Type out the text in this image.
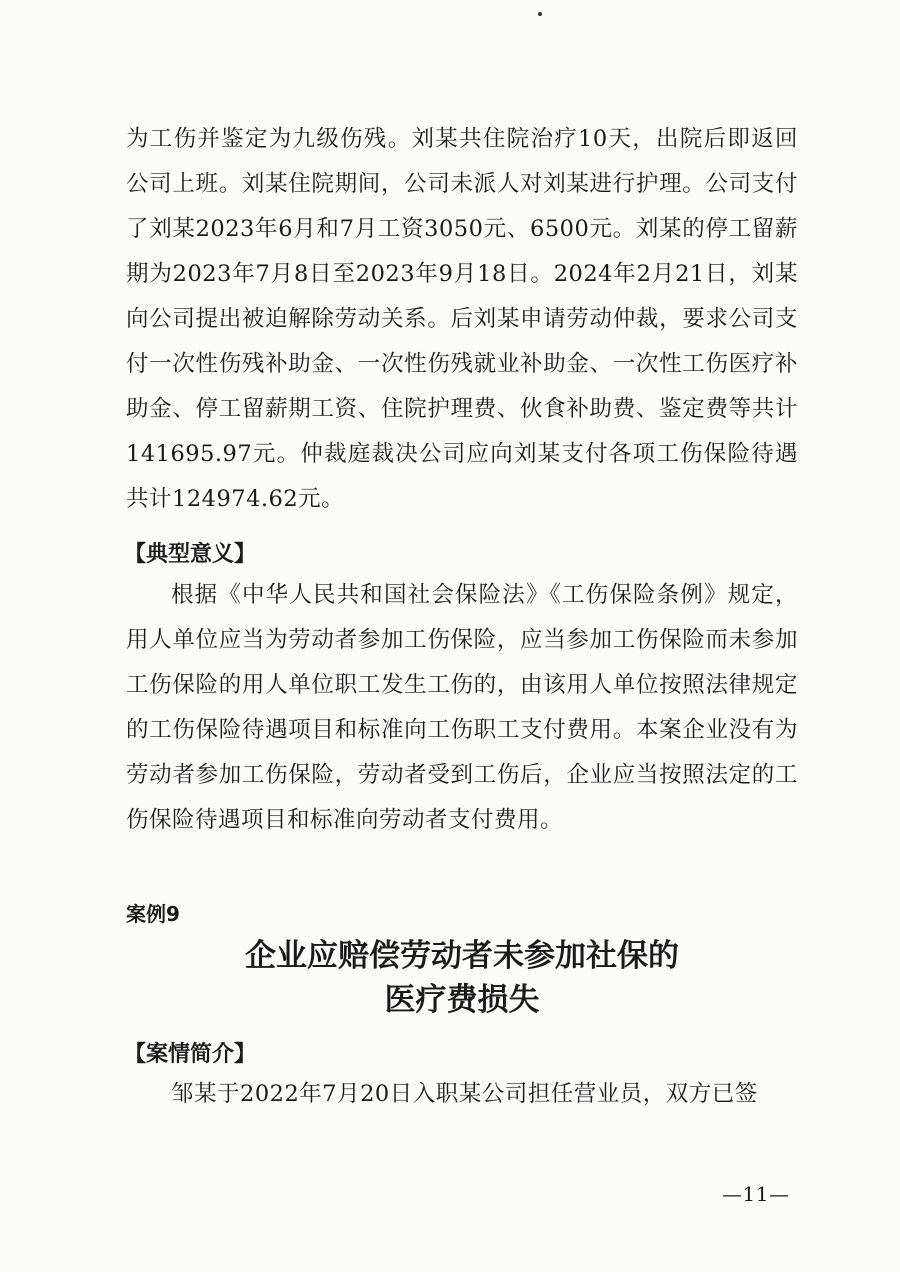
为工伤并鉴定为九级伤残。刘某共住院治疗10天，出院后即返回公司上班。刘某住院期间，公司未派人对刘某进行护理。公司支付了刘某2023年6月和7月工资3050元、6500元。刘某的停工留薪期为2023年7月8日至2023年9月18日。2024年2月21日，刘某向公司提出被迫解除劳动关系。后刘某申请劳动仲裁，要求公司支付一次性伤残补助金、一次性伤残就业补助金、一次性工伤医疗补助金、停工留薪期工资、住院护理费、伙食补助费、鉴定费等共计141695.97元。仲裁庭裁决公司应向刘某支付各项工伤保险待遇共计124974.62元。
【典型意义】
根据《中华人民共和国社会保险法》《工伤保险条例》规定，用人单位应当为劳动者参加工伤保险，应当参加工伤保险而未参加工伤保险的用人单位职工发生工伤的，由该用人单位按照法律规定的工伤保险待遇项目和标准向工伤职工支付费用。本案企业没有为劳动者参加工伤保险，劳动者受到工伤后，企业应当按照法定的工伤保险待遇项目和标准向劳动者支付费用。
案例9
企业应赔偿劳动者未参加社保的
医疗费损失
【案情简介】
邹某于2022年7月20日入职某公司担任营业员，双方已签
—11—
